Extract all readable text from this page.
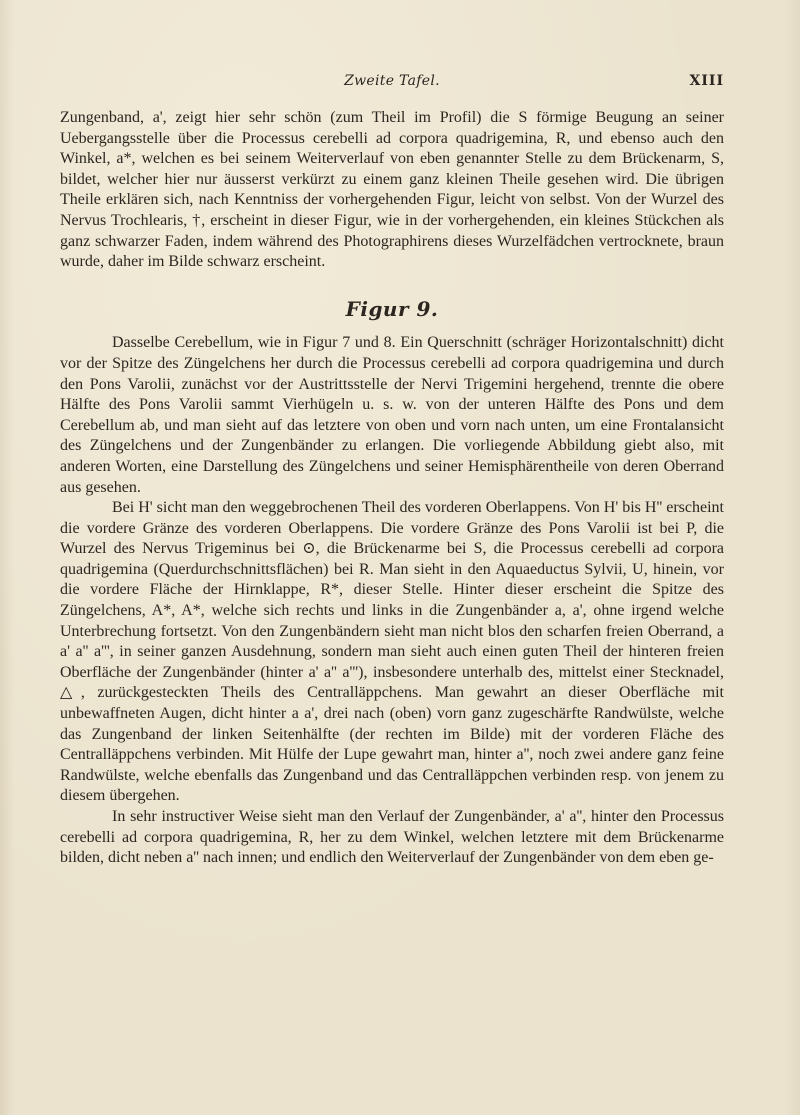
Zweite Tafel.	XIII

Zungenband, a', zeigt hier sehr schön (zum Theil im Profil) die S förmige Beugung an seiner Uebergangsstelle über die Processus cerebelli ad corpora quadrigemina, R, und ebenso auch den Winkel, a*, welchen es bei seinem Weiterverlauf von eben genannter Stelle zu dem Brückenarm, S, bildet, welcher hier nur äusserst verkürzt zu einem ganz kleinen Theile gesehen wird. Die übrigen Theile erklären sich, nach Kenntniss der vorhergehenden Figur, leicht von selbst. Von der Wurzel des Nervus Trochlearis, †, erscheint in dieser Figur, wie in der vorhergehenden, ein kleines Stückchen als ganz schwarzer Faden, indem während des Photographirens dieses Wurzelfädchen vertrocknete, braun wurde, daher im Bilde schwarz erscheint.

Figur 9.

Dasselbe Cerebellum, wie in Figur 7 und 8. Ein Querschnitt (schräger Horizontalschnitt) dicht vor der Spitze des Züngelchens her durch die Processus cerebelli ad corpora quadrigemina und durch den Pons Varolii, zunächst vor der Austrittsstelle der Nervi Trigemini hergehend, trennte die obere Hälfte des Pons Varolii sammt Vierhügeln u. s. w. von der unteren Hälfte des Pons und dem Cerebellum ab, und man sieht auf das letztere von oben und vorn nach unten, um eine Frontalansicht des Züngelchens und der Zungenbänder zu erlangen. Die vorliegende Abbildung giebt also, mit anderen Worten, eine Darstellung des Züngelchens und seiner Hemisphärentheile von deren Oberrand aus gesehen.

Bei H' sicht man den weggebrochenen Theil des vorderen Oberlappens. Von H' bis H'' erscheint die vordere Gränze des vorderen Oberlappens. Die vordere Gränze des Pons Varolii ist bei P, die Wurzel des Nervus Trigeminus bei ⊙, die Brückenarme bei S, die Processus cerebelli ad corpora quadrigemina (Querdurchschnittsflächen) bei R. Man sieht in den Aquaeductus Sylvii, U, hinein, vor die vordere Fläche der Hirnklappe, R*, dieser Stelle. Hinter dieser erscheint die Spitze des Züngelchens, A*, A*, welche sich rechts und links in die Zungenbänder a, a', ohne irgend welche Unterbrechung fortsetzt. Von den Zungenbändern sieht man nicht blos den scharfen freien Oberrand, a a' a'' a''', in seiner ganzen Ausdehnung, sondern man sieht auch einen guten Theil der hinteren freien Oberfläche der Zungenbänder (hinter a' a'' a'''), insbesondere unterhalb des, mittelst einer Stecknadel, △, zurückgesteckten Theils des Centralläppchens. Man gewahrt an dieser Oberfläche mit unbewaffneten Augen, dicht hinter a a', drei nach (oben) vorn ganz zugeschärfte Randwülste, welche das Zungenband der linken Seitenhälfte (der rechten im Bilde) mit der vorderen Fläche des Centralläppchens verbinden. Mit Hülfe der Lupe gewahrt man, hinter a'', noch zwei andere ganz feine Randwülste, welche ebenfalls das Zungenband und das Centralläppchen verbinden resp. von jenem zu diesem übergehen.

In sehr instructiver Weise sieht man den Verlauf der Zungenbänder, a' a'', hinter den Processus cerebelli ad corpora quadrigemina, R, her zu dem Winkel, welchen letztere mit dem Brückenarme bilden, dicht neben a'' nach innen; und endlich den Weiterverlauf der Zungenbänder von dem eben ge-
